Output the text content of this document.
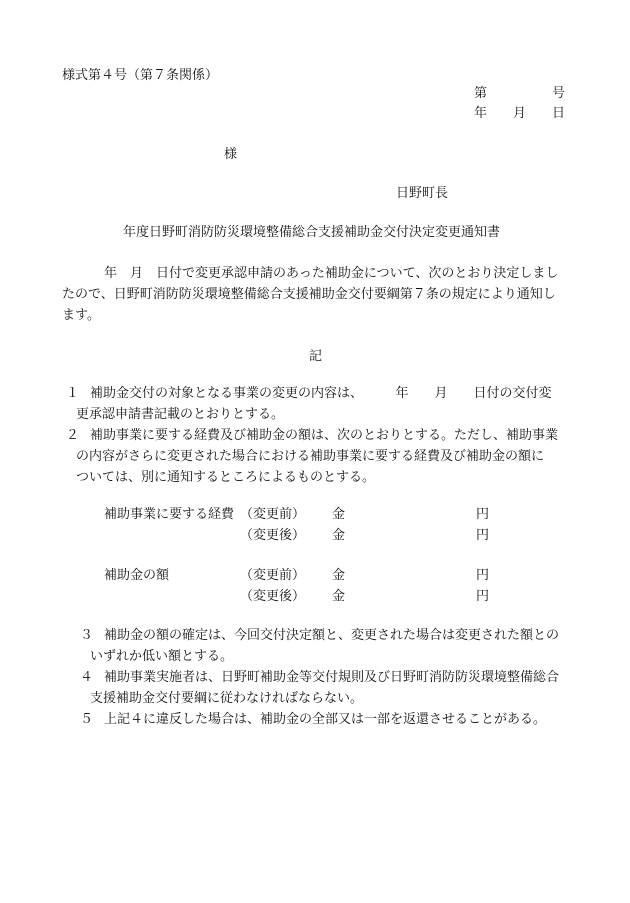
様式第４号（第７条関係）
第　　　　　号
年　　月　　日
様
日野町長
年度日野町消防防災環境整備総合支援補助金交付決定変更通知書
年　月　日付で変更承認申請のあった補助金について、次のとおり決定しまし
たので、日野町消防防災環境整備総合支援補助金交付要綱第７条の規定により通知し
ます。
記
１ 補助金交付の対象となる事業の変更の内容は、　　　年　　月　　日付の交付変
更承認申請書記載のとおりとする。
２ 補助事業に要する経費及び補助金の額は、次のとおりとする。ただし、補助事業
の内容がさらに変更された場合における補助事業に要する経費及び補助金の額に
ついては、別に通知するところによるものとする。
補助事業に要する経費 （変更前） 金	円
（変更後） 金	円
補助金の額	（変更前） 金	円
（変更後） 金	円
３ 補助金の額の確定は、今回交付決定額と、変更された場合は変更された額との
いずれか低い額とする。
４ 補助事業実施者は、日野町補助金等交付規則及び日野町消防防災環境整備総合
支援補助金交付要綱に従わなければならない。
５ 上記４に違反した場合は、補助金の全部又は一部を返還させることがある。
